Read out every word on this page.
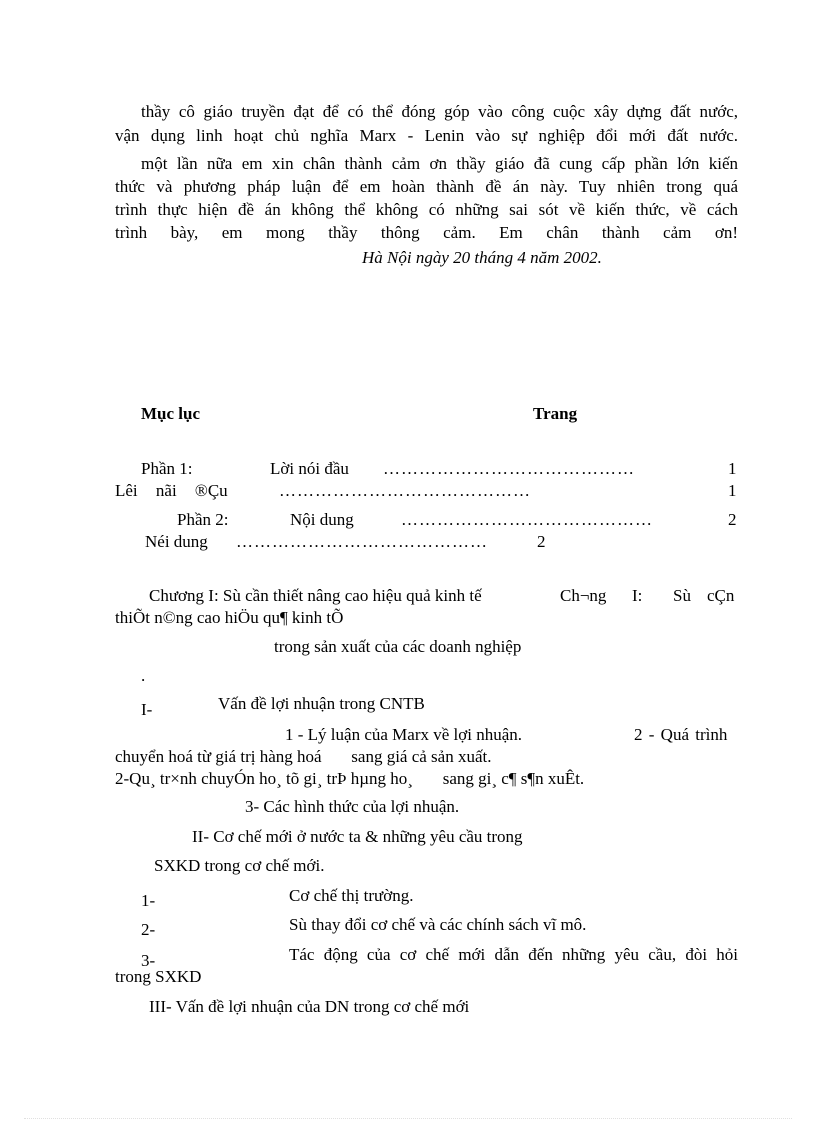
thầy cô giáo truyền đạt để có thể đóng góp vào công cuộc xây dựng đất nước,
vận dụng linh hoạt chủ nghĩa Marx - Lenin vào sự nghiệp đổi mới đất nước.
một lần nữa em xin chân thành cảm ơn thầy giáo đã cung cấp phần lớn kiến
thức và phương pháp luận để em hoàn thành đề án này. Tuy nhiên trong quá
trình thực hiện đề án không thể không có những sai sót về kiến thức, về cách
trình bày, em mong thầy thông cảm. Em chân thành cảm ơn!
Hà Nội ngày 20 tháng 4 năm 2002.
Mục lục	Trang
Phần 1:	Lời nói đầu ……………………………………	1
Lêi nãi ®Çu	……………………………………	1
Phần 2:	Nội dung	……………………………………	2
Néi dung ……………………………………	2
Chương I: Sù cần thiết nâng cao hiệu quả kinh tế	Ch¬ng I: Sù cÇn
thiÕt n©ng cao hiÖu qu¶ kinh tÕ
trong sản xuất của các doanh nghiệp
.
I-	Vấn đề lợi nhuận trong CNTB
1 - Lý luận của Marx về lợi nhuận.	2 - Quá trình
chuyển hoá từ giá trị hàng hoá       sang giá cả sản xuất.
2-Qu¸ tr×nh chuyÓn ho¸ tõ gi¸ trÞ hµng ho¸       sang gi¸ c¶ s¶n xuÊt.
3- Các hình thức của lợi nhuận.
II- Cơ chế mới ở nước ta & những yêu cầu trong
SXKD trong cơ chế mới.
1-	Cơ chế thị trường.
2-	Sù thay đổi cơ chế và các chính sách vĩ mô.
3-	Tác động của cơ chế mới dẫn đến những yêu cầu, đòi hỏi
trong SXKD
III- Vấn đề lợi nhuận của DN trong cơ chế mới
